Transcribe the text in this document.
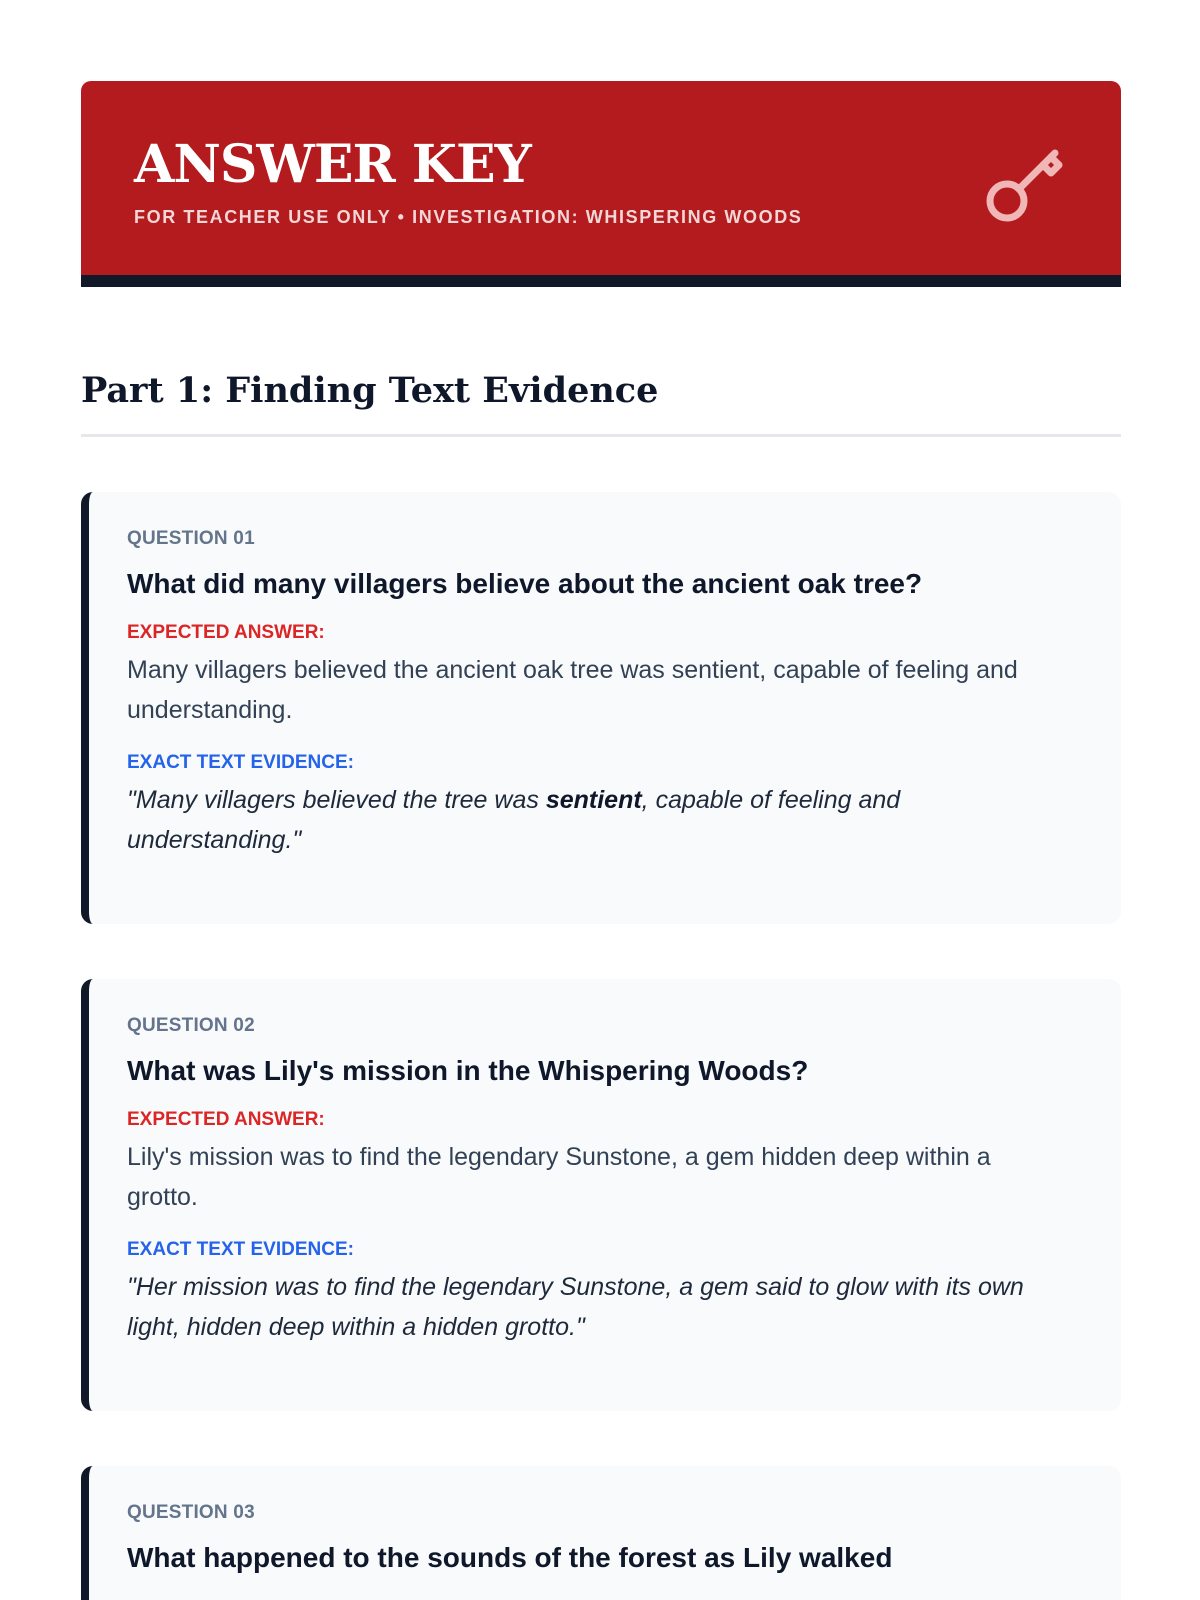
ANSWER KEY

FOR TEACHER USE ONLY • INVESTIGATION: WHISPERING WOODS

Part 1: Finding Text Evidence

QUESTION 01

What did many villagers believe about the ancient oak tree?

EXPECTED ANSWER:

Many villagers believed the ancient oak tree was sentient, capable of feeling and understanding.

EXACT TEXT EVIDENCE:

"Many villagers believed the tree was sentient, capable of feeling and understanding."

QUESTION 02

What was Lily's mission in the Whispering Woods?

EXPECTED ANSWER:

Lily's mission was to find the legendary Sunstone, a gem hidden deep within a grotto.

EXACT TEXT EVIDENCE:

"Her mission was to find the legendary Sunstone, a gem said to glow with its own light, hidden deep within a hidden grotto."

QUESTION 03

What happened to the sounds of the forest as Lily walked
